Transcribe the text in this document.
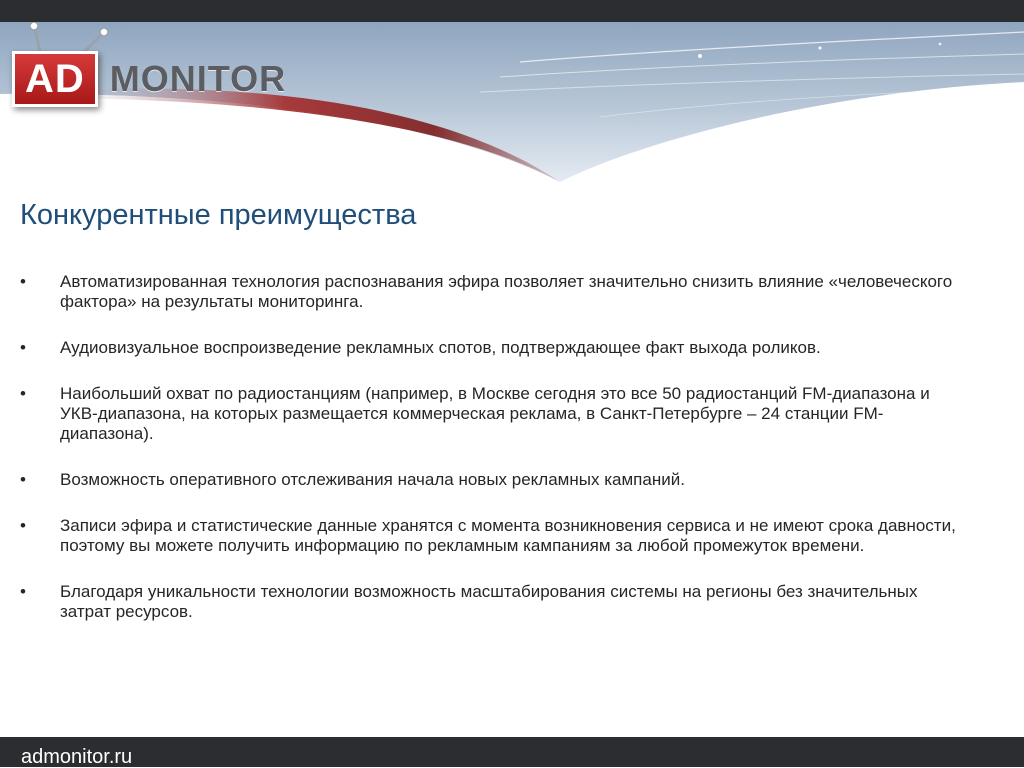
AD MONITOR
Конкурентные преимущества
• Автоматизированная технология распознавания эфира позволяет значительно снизить влияние «человеческого фактора» на результаты мониторинга.
• Аудиовизуальное воспроизведение рекламных спотов, подтверждающее факт выхода роликов.
• Наибольший охват по радиостанциям (например, в Москве сегодня это все 50 радиостанций FM-диапазона и УКВ-диапазона, на которых размещается коммерческая реклама, в Санкт-Петербурге – 24 станции FM-диапазона).
• Возможность оперативного отслеживания начала новых рекламных кампаний.
• Записи эфира и статистические данные хранятся с момента возникновения сервиса и не имеют срока давности, поэтому вы можете получить информацию по рекламным кампаниям за любой промежуток времени.
• Благодаря уникальности технологии возможность масштабирования системы на регионы без значительных затрат ресурсов.
admonitor.ru
